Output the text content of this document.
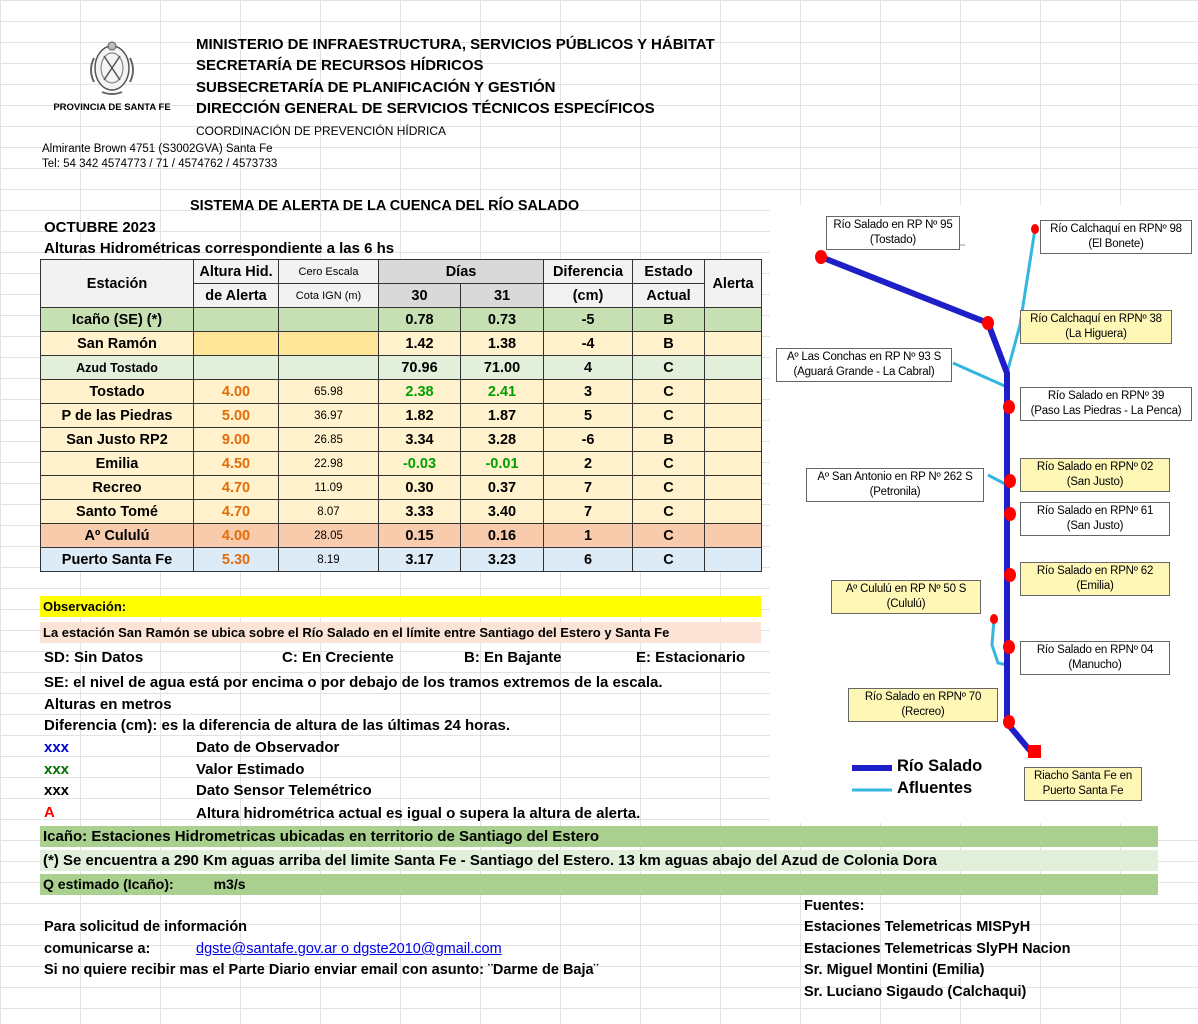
PROVINCIA DE SANTA FE
MINISTERIO DE INFRAESTRUCTURA, SERVICIOS PÚBLICOS Y HÁBITAT
SECRETARÍA DE RECURSOS HÍDRICOS
SUBSECRETARÍA DE PLANIFICACIÓN Y GESTIÓN
DIRECCIÓN GENERAL DE SERVICIOS TÉCNICOS ESPECÍFICOS
COORDINACIÓN DE PREVENCIÓN HÍDRICA
Almirante Brown 4751 (S3002GVA) Santa Fe
Tel: 54 342 4574773 / 71 / 4574762 / 4573733
SISTEMA DE ALERTA DE LA CUENCA DEL RÍO SALADO
OCTUBRE 2023
Alturas Hidrométricas correspondiente a las 6 hs
Estación	Altura Hid.	Cero Escala	Días		Diferencia	Estado	Alerta
	de Alerta	Cota IGN (m)	30	31	(cm)	Actual	
Icaño (SE) (*)			0.78	0.73	-5	B	
San Ramón			1.42	1.38	-4	B	
Azud Tostado			70.96	71.00	4	C	
Tostado	4.00	65.98	2.38	2.41	3	C	
P de las Piedras	5.00	36.97	1.82	1.87	5	C	
San Justo RP2	9.00	26.85	3.34	3.28	-6	B	
Emilia	4.50	22.98	-0.03	-0.01	2	C	
Recreo	4.70	11.09	0.30	0.37	7	C	
Santo Tomé	4.70	8.07	3.33	3.40	7	C	
Aº Cululú	4.00	28.05	0.15	0.16	1	C	
Puerto Santa Fe	5.30	8.19	3.17	3.23	6	C	
Observación:
La estación San Ramón se ubica sobre el Río Salado en el límite entre Santiago del Estero y Santa Fe
SD: Sin Datos	C: En Creciente	B: En Bajante	E: Estacionario
SE: el nivel de agua está por encima o por debajo de los tramos extremos de la escala.
Alturas en metros
Diferencia (cm): es la diferencia de altura de las últimas 24 horas.
xxx	Dato de Observador
xxx	Valor Estimado
xxx	Dato Sensor Telemétrico
A	Altura hidrométrica actual es igual o supera la altura de alerta.
Icaño: Estaciones Hidrometricas ubicadas en territorio de Santiago del Estero
(*) Se encuentra a 290 Km aguas arriba del limite Santa Fe - Santiago del Estero. 13 km aguas abajo del Azud de Colonia Dora
Q estimado (Icaño):	m3/s
Para solicitud de información
comunicarse a:	dgste@santafe.gov.ar o dgste2010@gmail.com
Si no quiere recibir mas el Parte Diario enviar email con asunto: ¨Darme de Baja¨
Fuentes:
Estaciones Telemetricas MISPyH
Estaciones Telemetricas SlyPH Nacion
Sr. Miguel Montini (Emilia)
Sr. Luciano Sigaudo (Calchaqui)
Río Salado en RP Nº 95
(Tostado)
Río Calchaquí en RPNº 98
(El Bonete)
Río Calchaquí en RPNº 38
(La Higuera)
Aº Las Conchas en RP Nº 93 S
(Aguará Grande - La Cabral)
Río Salado en RPNº 39
(Paso Las Piedras - La Penca)
Aº San Antonio en RP Nº 262 S
(Petronila)
Río Salado en RPNº 02
(San Justo)
Río Salado en RPNº 61
(San Justo)
Aº Cululú en RP Nº 50 S
(Cululú)
Río Salado en RPNº 62
(Emilia)
Río Salado en RPNº 04
(Manucho)
Río Salado en RPNº 70
(Recreo)
Riacho Santa Fe en
Puerto Santa Fe
Río Salado
Afluentes
